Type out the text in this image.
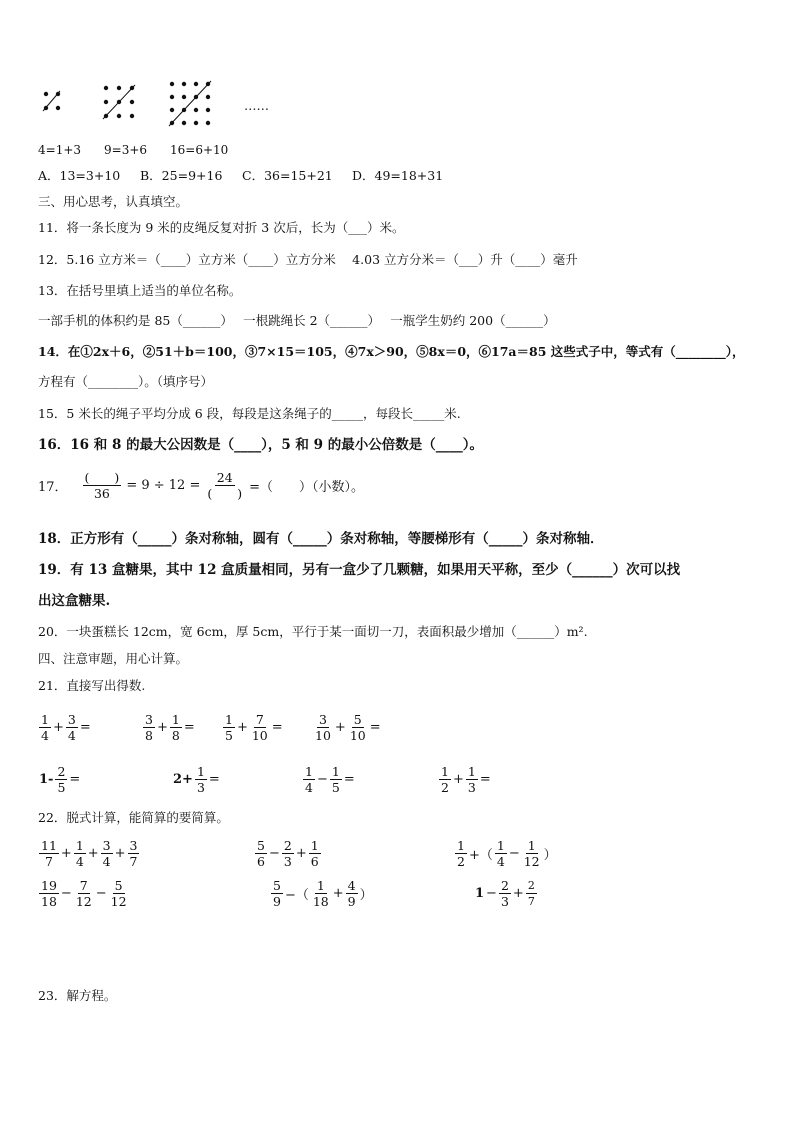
……
4=1+3 9=3+6 16=6+10
A．13=3+10 B．25=9+16 C．36=15+21 D．49=18+31
三、用心思考，认真填空。
11．将一条长度为 9 米的皮绳反复对折 3 次后，长为（___）米。
12．5.16 立方米＝（____）立方米（____）立方分米　 4.03 立方分米＝（___）升（____）毫升
13．在括号里填上适当的单位名称。
一部手机的体积约是 85（______）　 一根跳绳长 2（______）　 一瓶学生奶约 200（______）
14．在①2x＋6，②51＋b＝100，③7×15＝105，④7x＞90，⑤8x＝0，⑥17a＝85 这些式子中，等式有（________），
方程有（________）。（填序号）
15．5 米长的绳子平均分成 6 段，每段是这条绳子的_____，每段长_____米.
16．16 和 8 的最大公因数是（____），5 和 9 的最小公倍数是（____）。
17． $\frac{( )}{36} = 9 \div 12 = \frac{24}{( )}$ =（　　）（小数）。
18．正方形有（_____）条对称轴，圆有（_____）条对称轴，等腰梯形有（_____）条对称轴．
19．有 13 盒糖果，其中 12 盒质量相同，另有一盒少了几颗糖，如果用天平称，至少（______）次可以找
出这盒糖果.
20．一块蛋糕长 12cm，宽 6cm，厚 5cm，平行于某一面切一刀，表面积最少增加（______）m².
四、注意审题，用心计算。
21．直接写出得数.
$\frac{1}{4} + \frac{3}{4}$ =	$\frac{3}{8} + \frac{1}{8} = \frac{1}{5} + \frac{7}{10} = \frac{3}{10} + \frac{5}{10}$ =
$1- \frac{2}{5}$ =	$2+ \frac{1}{3}$ =	$\frac{1}{4} - \frac{1}{5}$ =	$\frac{1}{2} + \frac{1}{3}$ =
22．脱式计算，能简算的要简算。
$\frac{11}{7} + \frac{1}{4} + \frac{3}{4} + \frac{3}{7}$	$\frac{5}{6} - \frac{2}{3} + \frac{1}{6}$	$\frac{1}{2}$ +（ $\frac{1}{4} - \frac{1}{12}$ ）
$\frac{19}{18} - \frac{7}{12} - \frac{5}{12}$	$\frac{5}{9}$ −（ $\frac{1}{18} + \frac{4}{9}$ ）	$1 - \frac{2}{3} + \frac{2}{7}$
23．解方程。
